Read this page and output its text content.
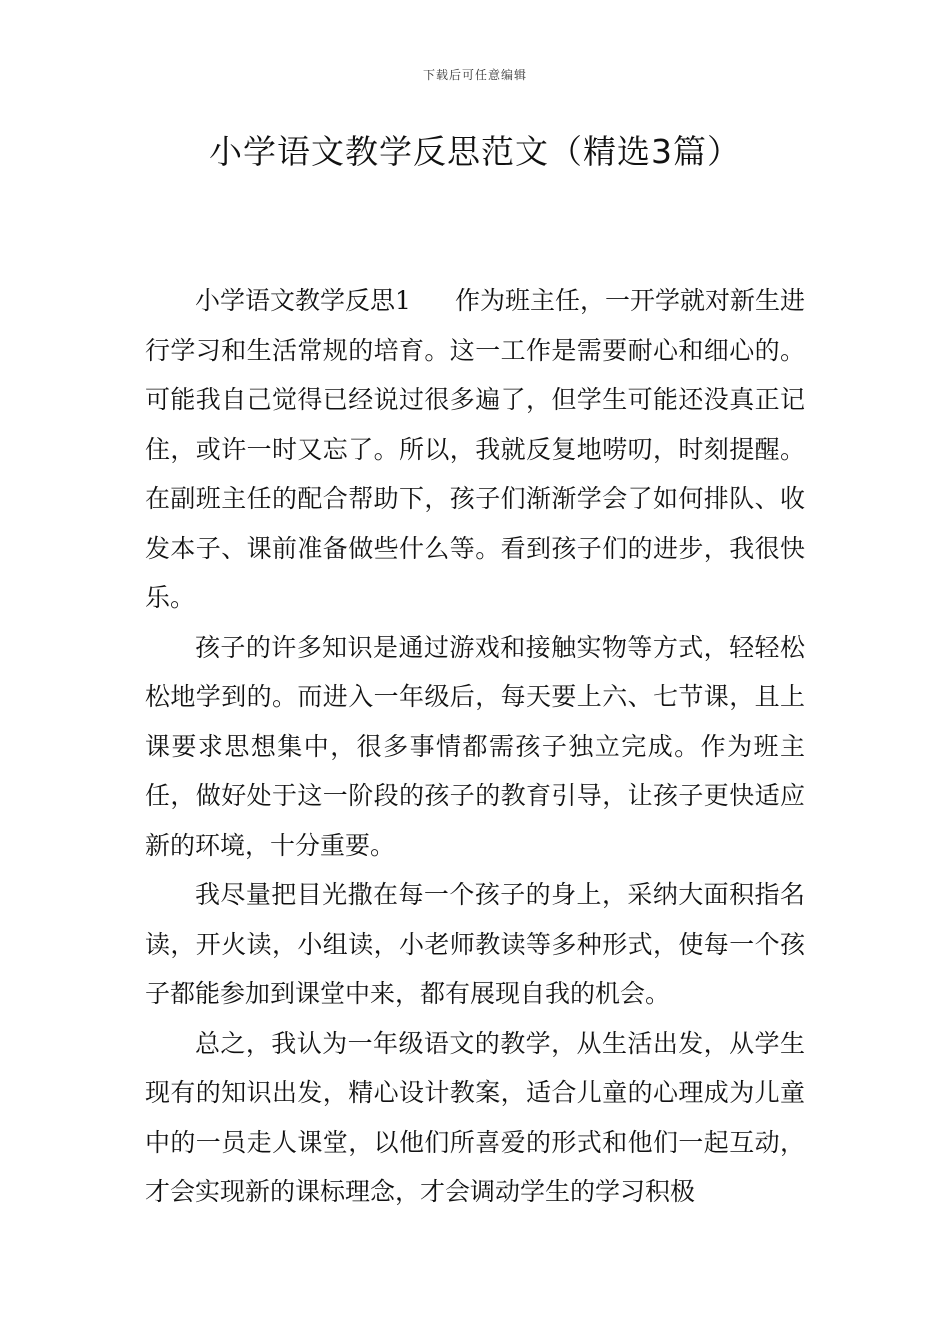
下载后可任意编辑
小学语文教学反思范文（精选3篇）

小学语文教学反思1 作为班主任，一开学就对新生进行学习和生活常规的培育。这一工作是需要耐心和细心的。可能我自己觉得已经说过很多遍了，但学生可能还没真正记住，或许一时又忘了。所以，我就反复地唠叨，时刻提醒。在副班主任的配合帮助下，孩子们渐渐学会了如何排队、收发本子、课前准备做些什么等。看到孩子们的进步，我很快乐。

孩子的许多知识是通过游戏和接触实物等方式，轻轻松松地学到的。而进入一年级后，每天要上六、七节课，且上课要求思想集中，很多事情都需孩子独立完成。作为班主任，做好处于这一阶段的孩子的教育引导，让孩子更快适应新的环境，十分重要。

我尽量把目光撒在每一个孩子的身上，采纳大面积指名读，开火读，小组读，小老师教读等多种形式，使每一个孩子都能参加到课堂中来，都有展现自我的机会。

总之，我认为一年级语文的教学，从生活出发，从学生现有的知识出发，精心设计教案，适合儿童的心理成为儿童中的一员走人课堂，以他们所喜爱的形式和他们一起互动，才会实现新的课标理念，才会调动学生的学习积极
